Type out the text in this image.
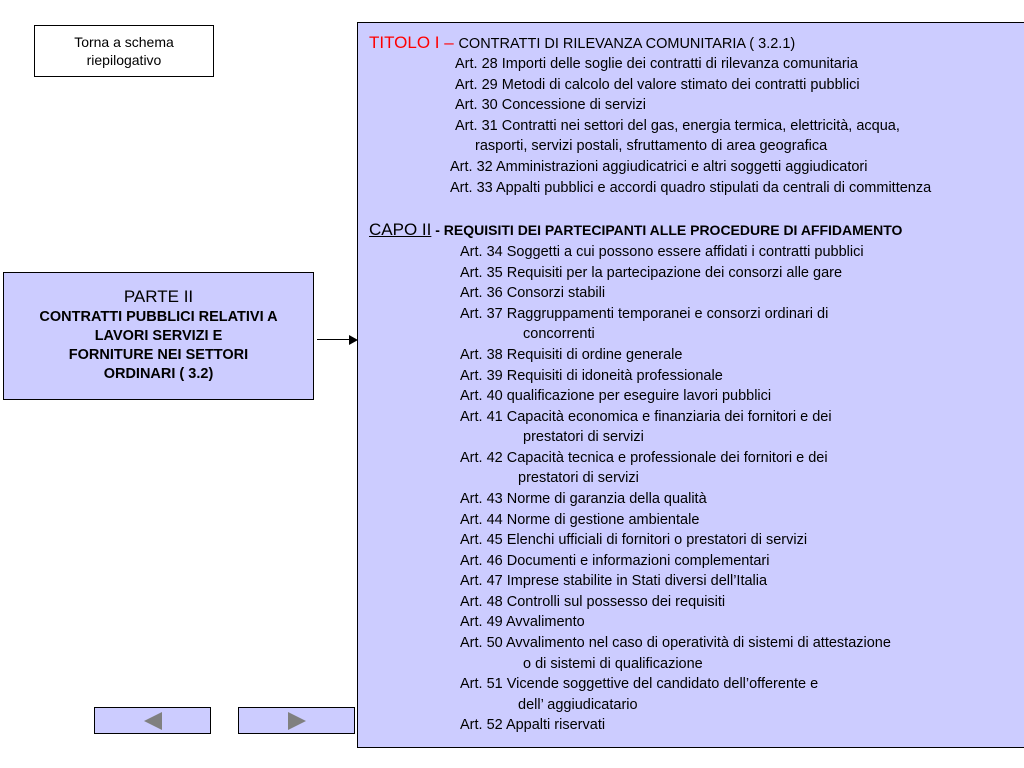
Torna a schema
riepilogativo
PARTE II
CONTRATTI PUBBLICI RELATIVI A
LAVORI SERVIZI E
FORNITURE NEI SETTORI
ORDINARI ( 3.2)
TITOLO I – CONTRATTI DI RILEVANZA COMUNITARIA ( 3.2.1)
Art. 28 Importi delle soglie dei contratti di rilevanza comunitaria
Art. 29 Metodi di calcolo del valore stimato dei contratti pubblici
Art. 30 Concessione di servizi
Art. 31 Contratti nei settori del gas, energia termica, elettricità, acqua,
rasporti, servizi postali, sfruttamento di area geografica
Art. 32 Amministrazioni aggiudicatrici e altri soggetti aggiudicatori
Art. 33 Appalti pubblici e accordi quadro stipulati da centrali di committenza
CAPO II - REQUISITI DEI PARTECIPANTI ALLE PROCEDURE DI AFFIDAMENTO
Art. 34 Soggetti a cui possono essere affidati i contratti pubblici
Art. 35 Requisiti per la partecipazione dei consorzi alle gare
Art. 36 Consorzi stabili
Art. 37 Raggruppamenti temporanei e consorzi ordinari di
concorrenti
Art. 38 Requisiti di ordine generale
Art. 39 Requisiti di idoneità professionale
Art. 40 qualificazione per eseguire lavori pubblici
Art. 41 Capacità economica e finanziaria dei fornitori e dei
prestatori di servizi
Art. 42 Capacità tecnica e professionale dei fornitori e dei
prestatori di servizi
Art. 43 Norme di garanzia della qualità
Art. 44 Norme di gestione ambientale
Art. 45 Elenchi ufficiali di fornitori o prestatori di servizi
Art. 46 Documenti e informazioni complementari
Art. 47 Imprese stabilite in Stati diversi dell’Italia
Art. 48 Controlli sul possesso dei requisiti
Art. 49 Avvalimento
Art. 50 Avvalimento nel caso di operatività di sistemi di attestazione
o di sistemi di qualificazione
Art. 51 Vicende soggettive del candidato dell’offerente e
dell’ aggiudicatario
Art. 52 Appalti riservati
